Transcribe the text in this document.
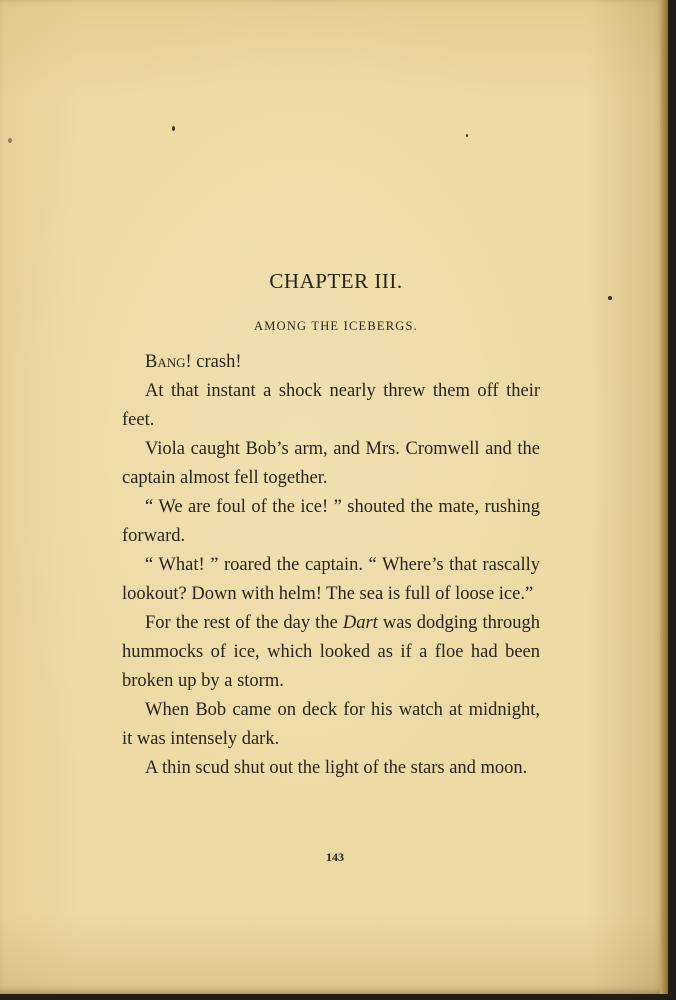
CHAPTER III.
AMONG THE ICEBERGS.

Bang! crash!

At that instant a shock nearly threw them off their feet.

Viola caught Bob’s arm, and Mrs. Cromwell and the captain almost fell together.

“ We are foul of the ice! ” shouted the mate, rushing forward.

“ What! ” roared the captain. “ Where’s that rascally lookout? Down with helm! The sea is full of loose ice.”

For the rest of the day the Dart was dodging through hummocks of ice, which looked as if a floe had been broken up by a storm.

When Bob came on deck for his watch at midnight, it was intensely dark.

A thin scud shut out the light of the stars and moon.

143
